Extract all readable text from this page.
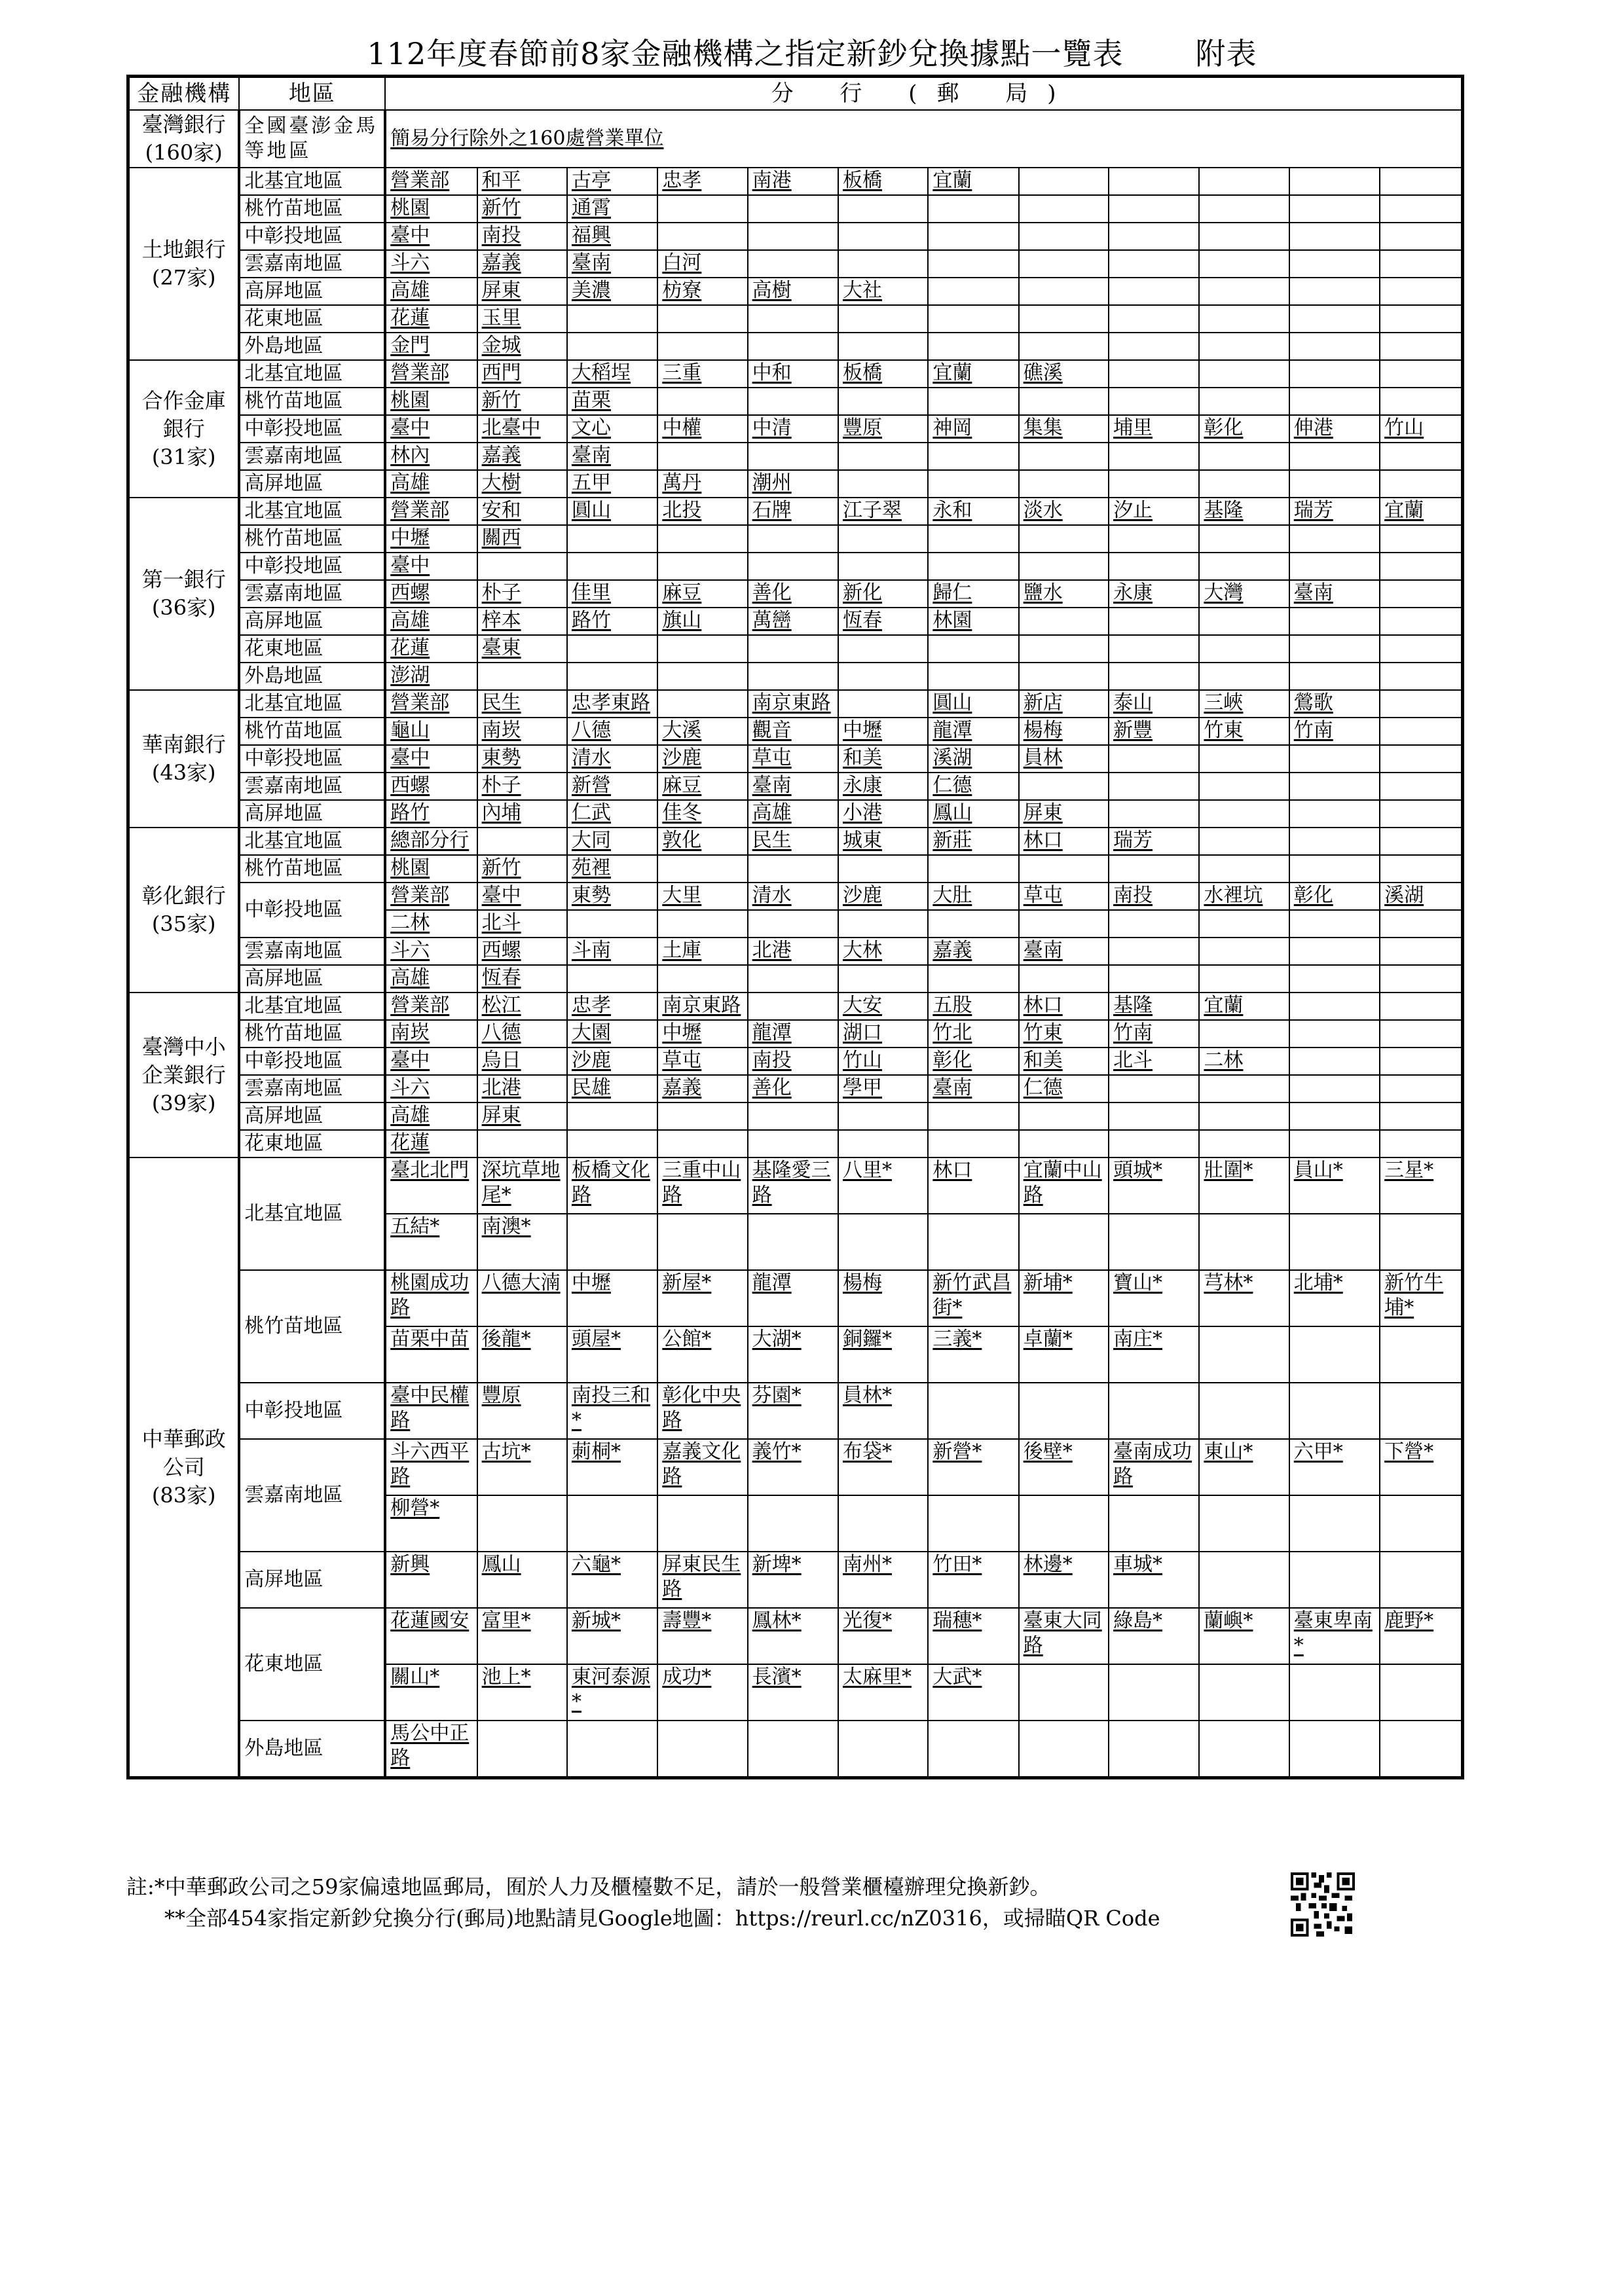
112年度春節前8家金融機構之指定新鈔兌換據點一覽表 附表
金融機構	地區	分 行 (郵 局)											
臺灣銀行
(160家)	全國臺澎金馬等地區	簡易分行除外之160處營業單位											
土地銀行
(27家)	北基宜地區	營業部	和平	古亭	忠孝	南港	板橋	宜蘭					
	桃竹苗地區	桃園	新竹	通霄									
	中彰投地區	臺中	南投	福興									
	雲嘉南地區	斗六	嘉義	臺南	白河								
	高屏地區	高雄	屏東	美濃	枋寮	高樹	大社						
	花東地區	花蓮	玉里										
	外島地區	金門	金城										
合作金庫
銀行
(31家)	北基宜地區	營業部	西門	大稻埕	三重	中和	板橋	宜蘭	礁溪				
	桃竹苗地區	桃園	新竹	苗栗									
	中彰投地區	臺中	北臺中	文心	中權	中清	豐原	神岡	集集	埔里	彰化	伸港	竹山
	雲嘉南地區	林內	嘉義	臺南									
	高屏地區	高雄	大樹	五甲	萬丹	潮州							
第一銀行
(36家)	北基宜地區	營業部	安和	圓山	北投	石牌	江子翠	永和	淡水	汐止	基隆	瑞芳	宜蘭
	桃竹苗地區	中壢	關西										
	中彰投地區	臺中											
	雲嘉南地區	西螺	朴子	佳里	麻豆	善化	新化	歸仁	鹽水	永康	大灣	臺南	
	高屏地區	高雄	梓本	路竹	旗山	萬巒	恆春	林園					
	花東地區	花蓮	臺東										
	外島地區	澎湖											
華南銀行
(43家)	北基宜地區	營業部	民生	忠孝東路		南京東路		圓山	新店	泰山	三峽	鶯歌	
	桃竹苗地區	龜山	南崁	八德	大溪	觀音	中壢	龍潭	楊梅	新豐	竹東	竹南	
	中彰投地區	臺中	東勢	清水	沙鹿	草屯	和美	溪湖	員林				
	雲嘉南地區	西螺	朴子	新營	麻豆	臺南	永康	仁德					
	高屏地區	路竹	內埔	仁武	佳冬	高雄	小港	鳳山	屏東				
彰化銀行
(35家)	北基宜地區	總部分行		大同	敦化	民生	城東	新莊	林口	瑞芳			
	桃竹苗地區	桃園	新竹	苑裡									
	中彰投地區	營業部	臺中	東勢	大里	清水	沙鹿	大肚	草屯	南投	水裡坑	彰化	溪湖
		二林	北斗										
	雲嘉南地區	斗六	西螺	斗南	土庫	北港	大林	嘉義	臺南				
	高屏地區	高雄	恆春										
臺灣中小
企業銀行
(39家)	北基宜地區	營業部	松江	忠孝	南京東路		大安	五股	林口	基隆	宜蘭		
	桃竹苗地區	南崁	八德	大園	中壢	龍潭	湖口	竹北	竹東	竹南			
	中彰投地區	臺中	烏日	沙鹿	草屯	南投	竹山	彰化	和美	北斗	二林		
	雲嘉南地區	斗六	北港	民雄	嘉義	善化	學甲	臺南	仁德				
	高屏地區	高雄	屏東										
	花東地區	花蓮											
中華郵政
公司
(83家)	北基宜地區	臺北北門	深坑草地尾*	板橋文化路	三重中山路	基隆愛三路	八里*	林口	宜蘭中山路	頭城*	壯圍*	員山*	三星*
		五結*	南澳*										
	桃竹苗地區	桃園成功路	八德大湳	中壢	新屋*	龍潭	楊梅	新竹武昌街*	新埔*	寶山*	芎林*	北埔*	新竹牛埔*
		苗栗中苗	後龍*	頭屋*	公館*	大湖*	銅鑼*	三義*	卓蘭*	南庄*			
	中彰投地區	臺中民權路	豐原	南投三和*	彰化中央路	芬園*	員林*						
	雲嘉南地區	斗六西平路	古坑*	莿桐*	嘉義文化路	義竹*	布袋*	新營*	後壁*	臺南成功路	東山*	六甲*	下營*
		柳營*											
	高屏地區	新興	鳳山	六龜*	屏東民生路	新埤*	南州*	竹田*	林邊*	車城*			
	花東地區	花蓮國安	富里*	新城*	壽豐*	鳳林*	光復*	瑞穗*	臺東大同路	綠島*	蘭嶼*	臺東卑南*	鹿野*
		關山*	池上*	東河泰源*	成功*	長濱*	太麻里*	大武*					
	外島地區	馬公中正路											
註:*中華郵政公司之59家偏遠地區郵局，囿於人力及櫃檯數不足，請於一般營業櫃檯辦理兌換新鈔。
**全部454家指定新鈔兌換分行(郵局)地點請見Google地圖：https://reurl.cc/nZ0316，或掃瞄QR Code
